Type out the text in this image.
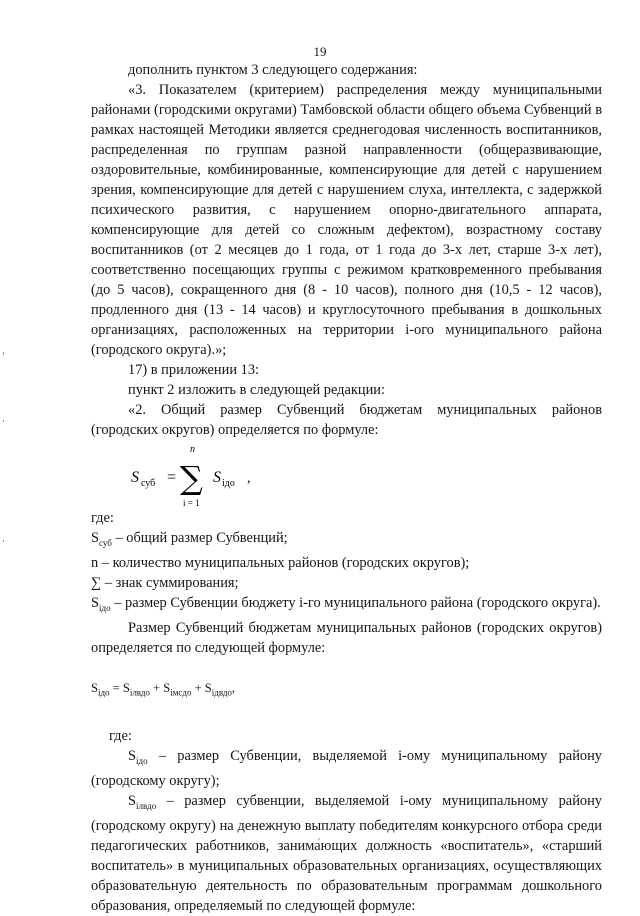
19

дополнить пунктом 3 следующего содержания:

«3. Показателем (критерием) распределения между муниципальными районами (городскими округами) Тамбовской области общего объема Субвенций в рамках настоящей Методики является среднегодовая численность воспитанников, распределенная по группам разной направленности (общеразвивающие, оздоровительные, комбинированные, компенсирующие для детей с нарушением зрения, компенсирующие для детей с нарушением слуха, интеллекта, с задержкой психического развития, с нарушением опорно-двигательного аппарата, компенсирующие для детей со сложным дефектом), возрастному составу воспитанников (от 2 месяцев до 1 года, от 1 года до 3-х лет, старше 3-х лет), соответственно посещающих группы с режимом кратковременного пребывания (до 5 часов), сокращенного дня (8 - 10 часов), полного дня (10,5 - 12 часов), продленного дня (13 - 14 часов) и круглосуточного пребывания в дошкольных организациях, расположенных на территории i-ого муниципального района (городского округа).»;

17) в приложении 13:

пункт 2 изложить в следующей редакции:

«2. Общий размер Субвенций бюджетам муниципальных районов (городских округов) определяется по формуле:

S суб =
n
∑
i = 1
S iдо ,

где:

$S_{суб}$ – общий размер Субвенций;

n – количество муниципальных районов (городских округов);

∑ – знак суммирования;

$S_{iдо}$ – размер Субвенции бюджету i-го муниципального района (городского округа).

Размер Субвенций бюджетам муниципальных районов (городских округов) определяется по следующей формуле:

$S_{iдо} = S_{iлвдо} + S_{iмсдо} + S_{iдвдо}$,

где:

$S_{iдо}$ – размер Субвенции, выделяемой i-ому муниципальному району (городскому округу);

$S_{iлвдо}$ – размер субвенции, выделяемой i-ому муниципальному району (городскому округу) на денежную выплату победителям конкурсного отбора среди педагогических работников, занимающих должность «воспитатель», «старший воспитатель» в муниципальных образовательных организациях, осуществляющих образовательную деятельность по образовательным программам дошкольного образования, определяемый по следующей формуле:
